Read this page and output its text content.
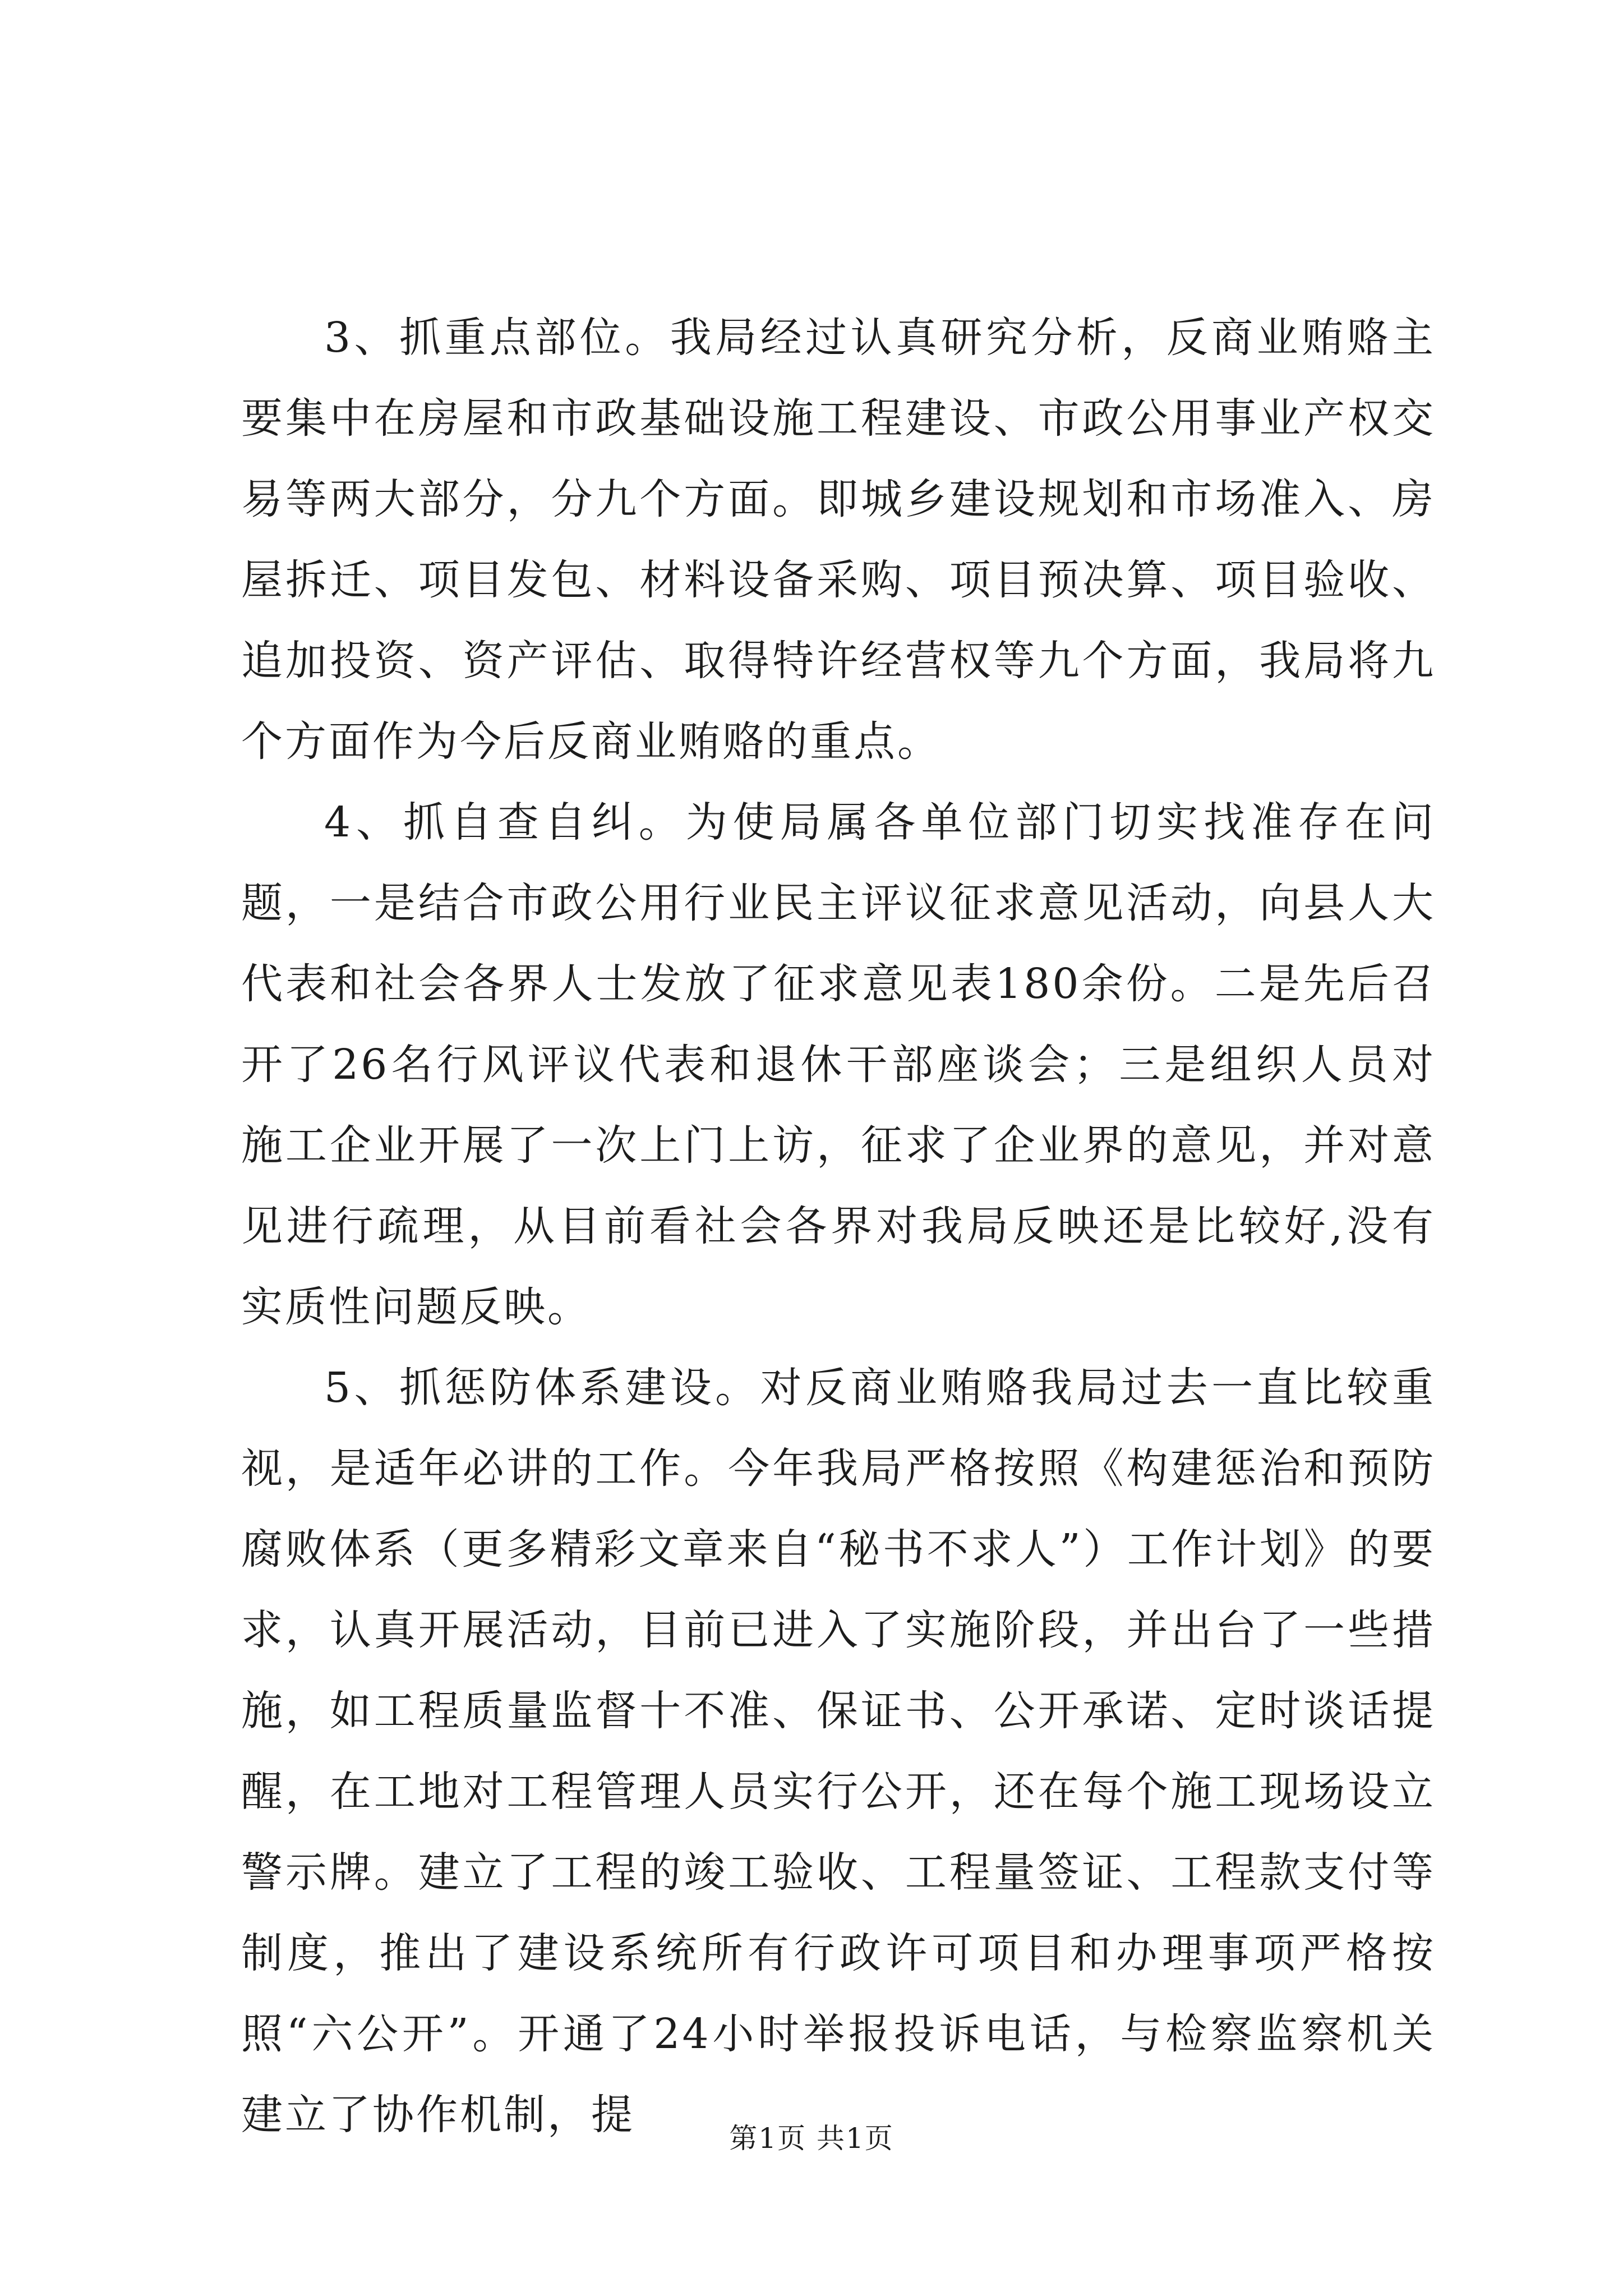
3、抓重点部位。我局经过认真研究分析，反商业贿赂主要集中在房屋和市政基础设施工程建设、市政公用事业产权交易等两大部分，分九个方面。即城乡建设规划和市场准入、房屋拆迁、项目发包、材料设备采购、项目预决算、项目验收、追加投资、资产评估、取得特许经营权等九个方面，我局将九个方面作为今后反商业贿赂的重点。

4、抓自查自纠。为使局属各单位部门切实找准存在问题，一是结合市政公用行业民主评议征求意见活动，向县人大代表和社会各界人士发放了征求意见表180余份。二是先后召开了26名行风评议代表和退休干部座谈会；三是组织人员对施工企业开展了一次上门上访，征求了企业界的意见，并对意见进行疏理，从目前看社会各界对我局反映还是比较好,没有实质性问题反映。

5、抓惩防体系建设。对反商业贿赂我局过去一直比较重视，是适年必讲的工作。今年我局严格按照《构建惩治和预防腐败体系（更多精彩文章来自“秘书不求人”）工作计划》的要求，认真开展活动，目前已进入了实施阶段，并出台了一些措施，如工程质量监督十不准、保证书、公开承诺、定时谈话提醒，在工地对工程管理人员实行公开，还在每个施工现场设立警示牌。建立了工程的竣工验收、工程量签证、工程款支付等制度，推出了建设系统所有行政许可项目和办理事项严格按照“六公开”。开通了24小时举报投诉电话，与检察监察机关建立了协作机制，提	第1页 共1页
